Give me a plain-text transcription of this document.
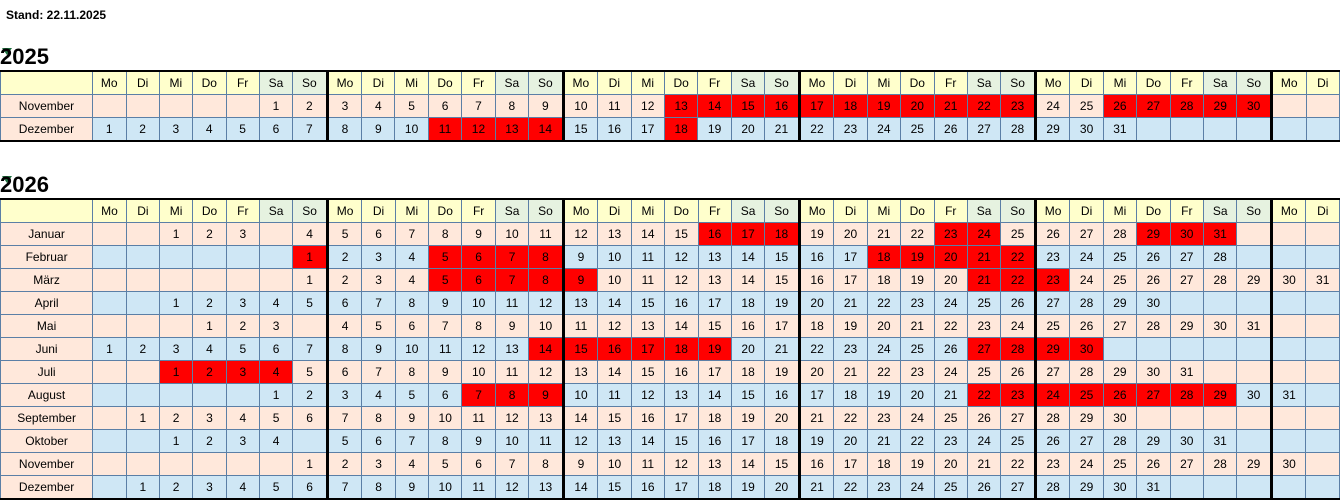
Stand: 22.11.2025
2025
	Mo	Di	Mi	Do	Fr	Sa	So	Mo	Di	Mi	Do	Fr	Sa	So	Mo	Di	Mi	Do	Fr	Sa	So	Mo	Di	Mi	Do	Fr	Sa	So	Mo	Di	Mi	Do	Fr	Sa	So	Mo	Di
November						1	2	3	4	5	6	7	8	9	10	11	12	13	14	15	16	17	18	19	20	21	22	23	24	25	26	27	28	29	30		
Dezember	1	2	3	4	5	6	7	8	9	10	11	12	13	14	15	16	17	18	19	20	21	22	23	24	25	26	27	28	29	30	31						
2026
	Mo	Di	Mi	Do	Fr	Sa	So	Mo	Di	Mi	Do	Fr	Sa	So	Mo	Di	Mi	Do	Fr	Sa	So	Mo	Di	Mi	Do	Fr	Sa	So	Mo	Di	Mi	Do	Fr	Sa	So	Mo	Di
Januar			1	2	3		4	5	6	7	8	9	10	11	12	13	14	15	16	17	18	19	20	21	22	23	24	25	26	27	28	29	30	31			
Februar							1	2	3	4	5	6	7	8	9	10	11	12	13	14	15	16	17	18	19	20	21	22	23	24	25	26	27	28			
März							1	2	3	4	5	6	7	8	9	10	11	12	13	14	15	16	17	18	19	20	21	22	23	24	25	26	27	28	29	30	31
April			1	2	3	4	5	6	7	8	9	10	11	12	13	14	15	16	17	18	19	20	21	22	23	24	25	26	27	28	29	30					
Mai				1	2	3		4	5	6	7	8	9	10	11	12	13	14	15	16	17	18	19	20	21	22	23	24	25	26	27	28	29	30	31		
Juni	1	2	3	4	5	6	7	8	9	10	11	12	13	14	15	16	17	18	19	20	21	22	23	24	25	26	27	28	29	30							
Juli			1	2	3	4	5	6	7	8	9	10	11	12	13	14	15	16	17	18	19	20	21	22	23	24	25	26	27	28	29	30	31				
August						1	2	3	4	5	6	7	8	9	10	11	12	13	14	15	16	17	18	19	20	21	22	23	24	25	26	27	28	29	30	31	
September		1	2	3	4	5	6	7	8	9	10	11	12	13	14	15	16	17	18	19	20	21	22	23	24	25	26	27	28	29	30						
Oktober			1	2	3	4		5	6	7	8	9	10	11	12	13	14	15	16	17	18	19	20	21	22	23	24	25	26	27	28	29	30	31			
November							1	2	3	4	5	6	7	8	9	10	11	12	13	14	15	16	17	18	19	20	21	22	23	24	25	26	27	28	29	30	
Dezember		1	2	3	4	5	6	7	8	9	10	11	12	13	14	15	16	17	18	19	20	21	22	23	24	25	26	27	28	29	30	31					
